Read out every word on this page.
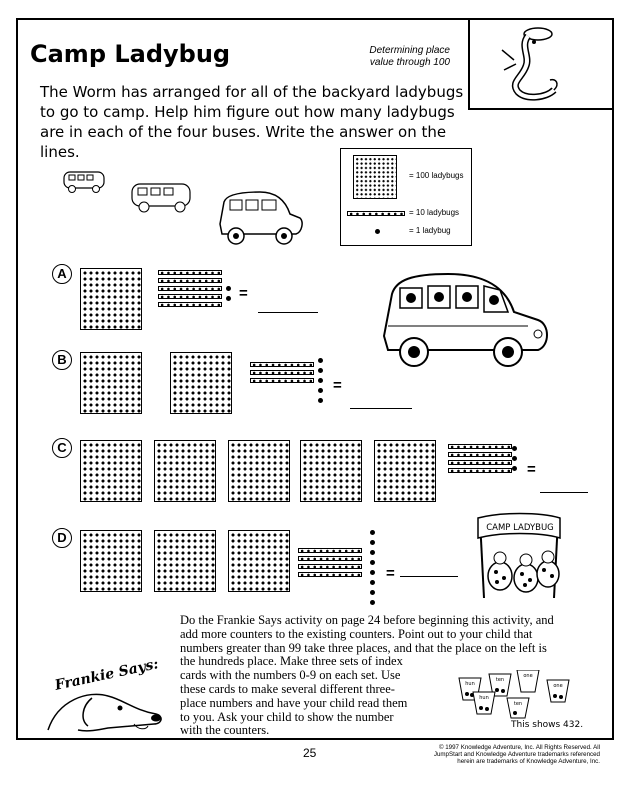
Camp Ladybug	Determining place
value through 100
The Worm has arranged for all of the backyard ladybugs
to go to camp. Help him figure out how many ladybugs
are in each of the four buses. Write the answer on the lines.
= 100 ladybugs
= 10 ladybugs
= 1 ladybug
A
=
B
=
C
=
D
=
CAMP LADYBUG
Do the Frankie Says activity on page 24 before beginning this activity, and
add more counters to the existing counters. Point out to your child that
numbers greater than 99 take three places, and that the place on the left is
the hundreds place. Make three sets of index
cards with the numbers 0-9 on each set. Use
these cards to make several different three-
place numbers and have your child read them
to you. Ask your child to show the number
with the counters.
Frankie Says:	hun
ten
one
hun
ten
one
This shows 432.
25	© 1997 Knowledge Adventure, Inc. All Rights Reserved. All
JumpStart and Knowledge Adventure trademarks referenced
herein are trademarks of Knowledge Adventure, Inc.
